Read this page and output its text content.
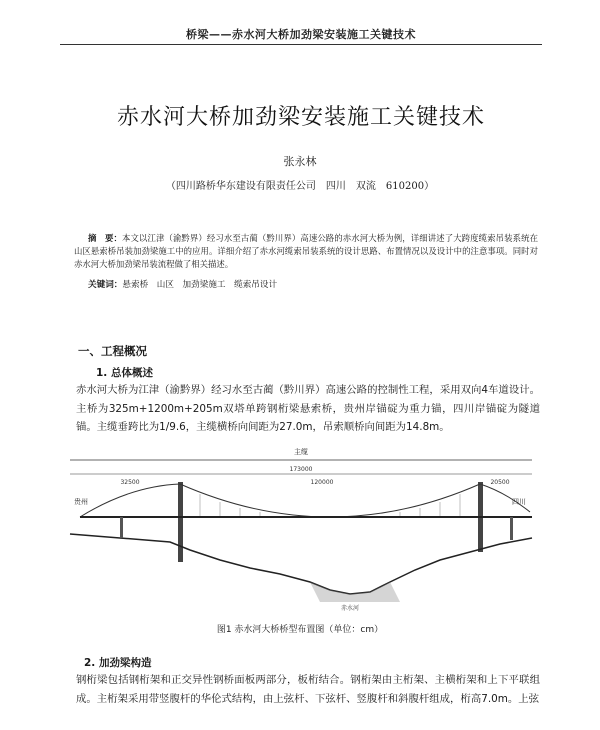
桥梁——赤水河大桥加劲梁安装施工关键技术
赤水河大桥加劲梁安装施工关键技术
张永林
（四川路桥华东建设有限责任公司　四川　双流　610200）
摘　要：本文以江津（渝黔界）经习水至古蔺（黔川界）高速公路的赤水河大桥为例，详细讲述了大跨度缆索吊装系统在山区悬索桥吊装加劲梁施工中的应用。详细介绍了赤水河缆索吊装系统的设计思路、布置情况以及设计中的注意事项。同时对赤水河大桥加劲梁吊装流程做了相关描述。
关键词：悬索桥　山区　加劲梁施工　缆索吊设计
一、工程概况
1. 总体概述
赤水河大桥为江津（渝黔界）经习水至古蔺（黔川界）高速公路的控制性工程，采用双向4车道设计。主桥为325m+1200m+205m双塔单跨钢桁梁悬索桥，贵州岸锚碇为重力锚，四川岸锚碇为隧道锚。主缆垂跨比为1/9.6，主缆横桥向间距为27.0m，吊索顺桥向间距为14.8m。
主缆
173000
32500	120000	20500
贵州	四川
赤水河
图1 赤水河大桥桥型布置图（单位：cm）
2. 加劲梁构造
钢桁梁包括钢桁架和正交异性钢桥面板两部分，板桁结合。钢桁架由主桁架、主横桁架和上下平联组成。主桁架采用带竖腹杆的华伦式结构，由上弦杆、下弦杆、竖腹杆和斜腹杆组成，桁高7.0m。上弦
